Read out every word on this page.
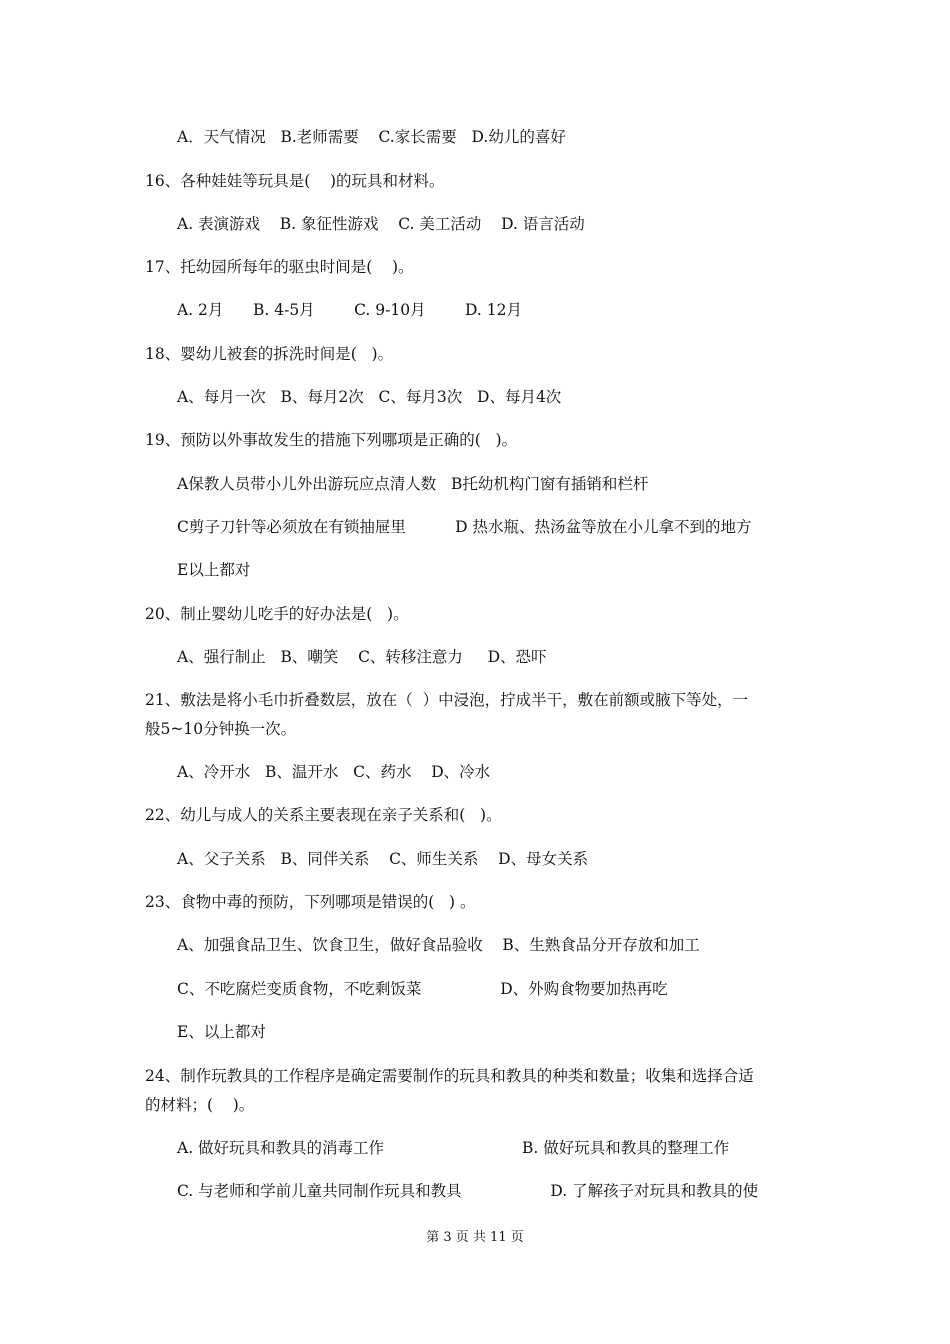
A．天气情况   B.老师需要    C.家长需要   D.幼儿的喜好
16、各种娃娃等玩具是(    )的玩具和材料。
A. 表演游戏    B. 象征性游戏    C. 美工活动    D. 语言活动
17、托幼园所每年的驱虫时间是(    )。
A. 2月      B. 4-5月        C. 9-10月        D. 12月
18、婴幼儿被套的拆洗时间是(   )。
A、每月一次   B、每月2次   C、每月3次   D、每月4次
19、预防以外事故发生的措施下列哪项是正确的(   )。
A保教人员带小儿外出游玩应点清人数   B托幼机构门窗有插销和栏杆
C剪子刀针等必须放在有锁抽屉里          D 热水瓶、热汤盆等放在小儿拿不到的地方
E以上都对
20、制止婴幼儿吃手的好办法是(   )。
A、强行制止   B、嘲笑    C、转移注意力     D、恐吓
21、敷法是将小毛巾折叠数层，放在（  ）中浸泡，拧成半干，敷在前额或腋下等处，一
般5~10分钟换一次。
A、冷开水   B、温开水   C、药水    D、冷水
22、幼儿与成人的关系主要表现在亲子关系和(   )。
A、父子关系   B、同伴关系    C、师生关系    D、母女关系
23、食物中毒的预防，下列哪项是错误的(   ) 。
A、加强食品卫生、饮食卫生，做好食品验收    B、生熟食品分开存放和加工
C、不吃腐烂变质食物，不吃剩饭菜                D、外购食物要加热再吃
E、以上都对
24、制作玩教具的工作程序是确定需要制作的玩具和教具的种类和数量；收集和选择合适
的材料；(    )。
A. 做好玩具和教具的消毒工作                            B. 做好玩具和教具的整理工作
C. 与老师和学前儿童共同制作玩具和教具                  D. 了解孩子对玩具和教具的使
第 3 页 共 11 页
